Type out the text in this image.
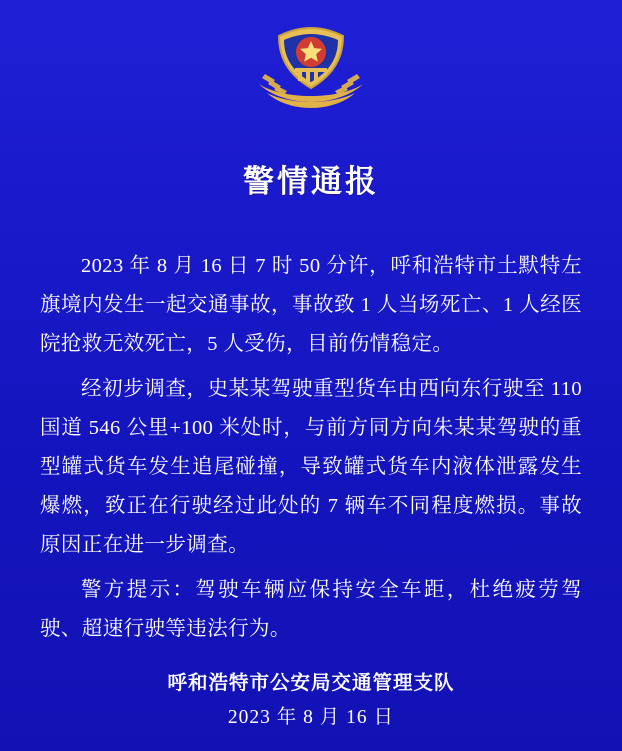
警情通报

2023 年 8 月 16 日 7 时 50 分许，呼和浩特市土默特左旗境内发生一起交通事故，事故致 1 人当场死亡、1 人经医院抢救无效死亡，5 人受伤，目前伤情稳定。

经初步调查，史某某驾驶重型货车由西向东行驶至 110 国道 546 公里+100 米处时，与前方同方向朱某某驾驶的重型罐式货车发生追尾碰撞，导致罐式货车内液体泄露发生爆燃，致正在行驶经过此处的 7 辆车不同程度燃损。事故原因正在进一步调查。

警方提示：驾驶车辆应保持安全车距，杜绝疲劳驾驶、超速行驶等违法行为。

呼和浩特市公安局交通管理支队
2023 年 8 月 16 日
